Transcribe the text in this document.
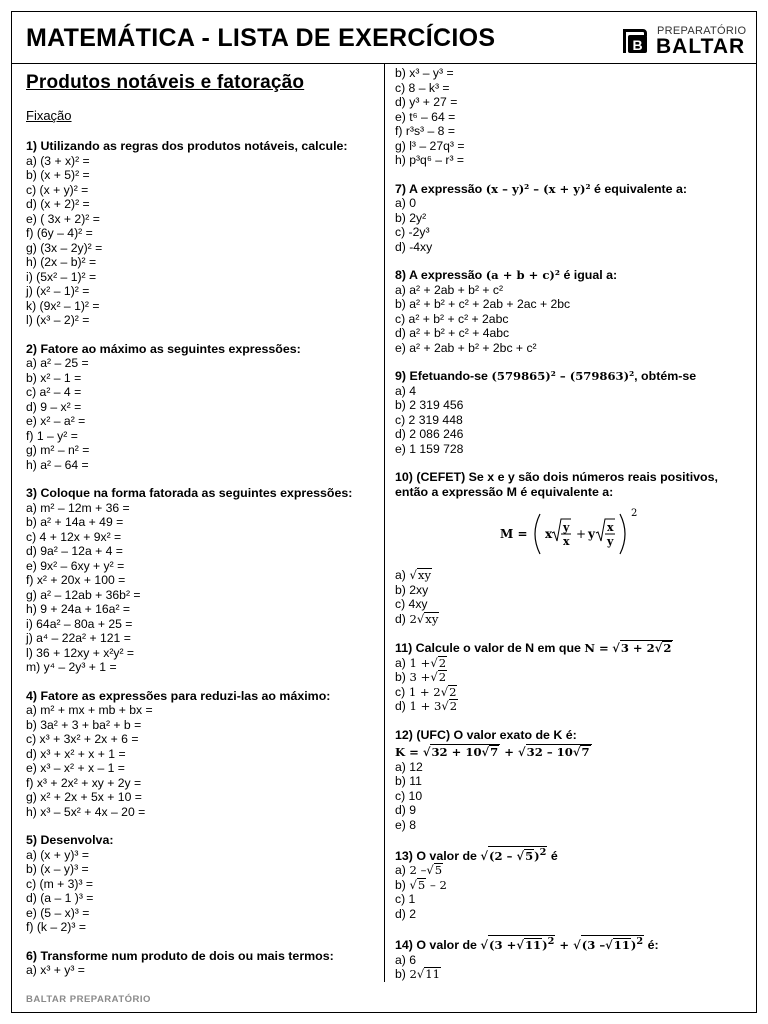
MATEMÁTICA - LISTA DE EXERCÍCIOS	B
PREPARATÓRIO
BALTAR
Produtos notáveis e fatoração
Fixação
1) Utilizando as regras dos produtos notáveis, calcule:
a) (3 + x)² =
b) (x + 5)² =
c) (x + y)² =
d) (x + 2)² =
e) ( 3x + 2)² =
f) (6y – 4)² =
g) (3x – 2y)² =
h) (2x – b)² =
i) (5x² – 1)² =
j) (x² – 1)² =
k) (9x² – 1)² =
l) (x³ – 2)² =
2) Fatore ao máximo as seguintes expressões:
a) a² – 25 =
b) x² – 1 =
c) a² – 4 =
d) 9 – x² =
e) x² – a² =
f) 1 – y² =
g) m² – n² =
h) a² – 64 =
3) Coloque na forma fatorada as seguintes expressões:
a) m² – 12m + 36 =
b) a² + 14a + 49 =
c) 4 + 12x + 9x² =
d) 9a² – 12a + 4 =
e) 9x² – 6xy + y² =
f) x² + 20x + 100 =
g) a² – 12ab + 36b² =
h) 9 + 24a + 16a² =
i) 64a² – 80a + 25 =
j) a⁴ – 22a² + 121 =
l) 36 + 12xy + x²y² =
m) y⁴ – 2y³ + 1 =
4) Fatore as expressões para reduzi-las ao máximo:
a) m² + mx + mb + bx =
b) 3a² + 3 + ba² + b =
c) x³ + 3x² + 2x + 6 =
d) x³ + x² + x + 1 =
e) x³ – x² + x – 1 =
f) x³ + 2x² + xy + 2y =
g) x² + 2x + 5x + 10 =
h) x³ – 5x² + 4x – 20 =
5) Desenvolva:
a) (x + y)³ =
b) (x – y)³ =
c) (m + 3)³ =
d) (a – 1 )³ =
e) (5 – x)³ =
f) (k – 2)³ =
6) Transforme num produto de dois ou mais termos:
a) x³ + y³ =
b) x³ – y³ =
c) 8 – k³ =
d) y³ + 27 =
e) t⁶ – 64 =
f) r³s³ – 8 =
g) l³ – 27q³ =
h) p³q⁶ – r³ =
7) A expressão (x – y)² – (x + y)² é equivalente a:
a) 0
b) 2y²
c) -2y³
d) -4xy
8) A expressão (a + b + c)² é igual a:
a) a² + 2ab + b² + c²
b) a² + b² + c² + 2ab + 2ac + 2bc
c) a² + b² + c² + 2abc
d) a² + b² + c² + 4abc
e) a² + 2ab + b² + 2bc + c²
9) Efetuando-se (579865)² – (579863)², obtém-se
a) 4
b) 2 319 456
c) 2 319 448
d) 2 086 246
e) 1 159 728
10) (CEFET) Se x e y são dois números reais positivos,
então a expressão M é equivalente a:
M = x y
x
+ y x
y
2
a) √xy
b) 2xy
c) 4xy
d) 2√xy
11) Calcule o valor de N em que N = √3 + 2√2
a) 1 +√2
b) 3 +√2
c) 1 + 2√2
d) 1 + 3√2
12) (UFC) O valor exato de K é:
K = √32 + 10√7 + √32 – 10√7
a) 12
b) 11
c) 10
d) 9
e) 8
13) O valor de √(2 – √5)$^2$ é
a) 2 –√5
b) √5 – 2
c) 1
d) 2
14) O valor de $√(3 +√11)^2 + √(3$ –√11)$^2$ é:
a) 6
b) 2√11
BALTAR PREPARATÓRIO
